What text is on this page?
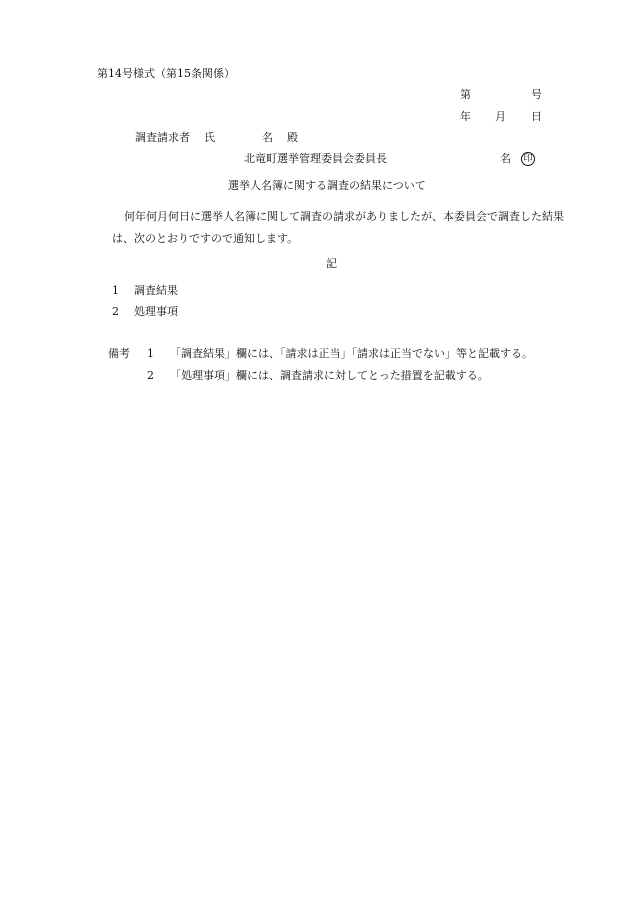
第14号様式（第15条関係）
第	号
年 月 日
調査請求者 氏	名 殿
北竜町選挙管理委員会委員長	名 印
選挙人名簿に関する調査の結果について
何年何月何日に選挙人名簿に関して調査の請求がありましたが、本委員会で調査した結果は、次のとおりですので通知します。
記
1 調査結果
2 処理事項
備考 1 「調査結果」欄には、「請求は正当」「請求は正当でない」等と記載する。
2 「処理事項」欄には、調査請求に対してとった措置を記載する。
